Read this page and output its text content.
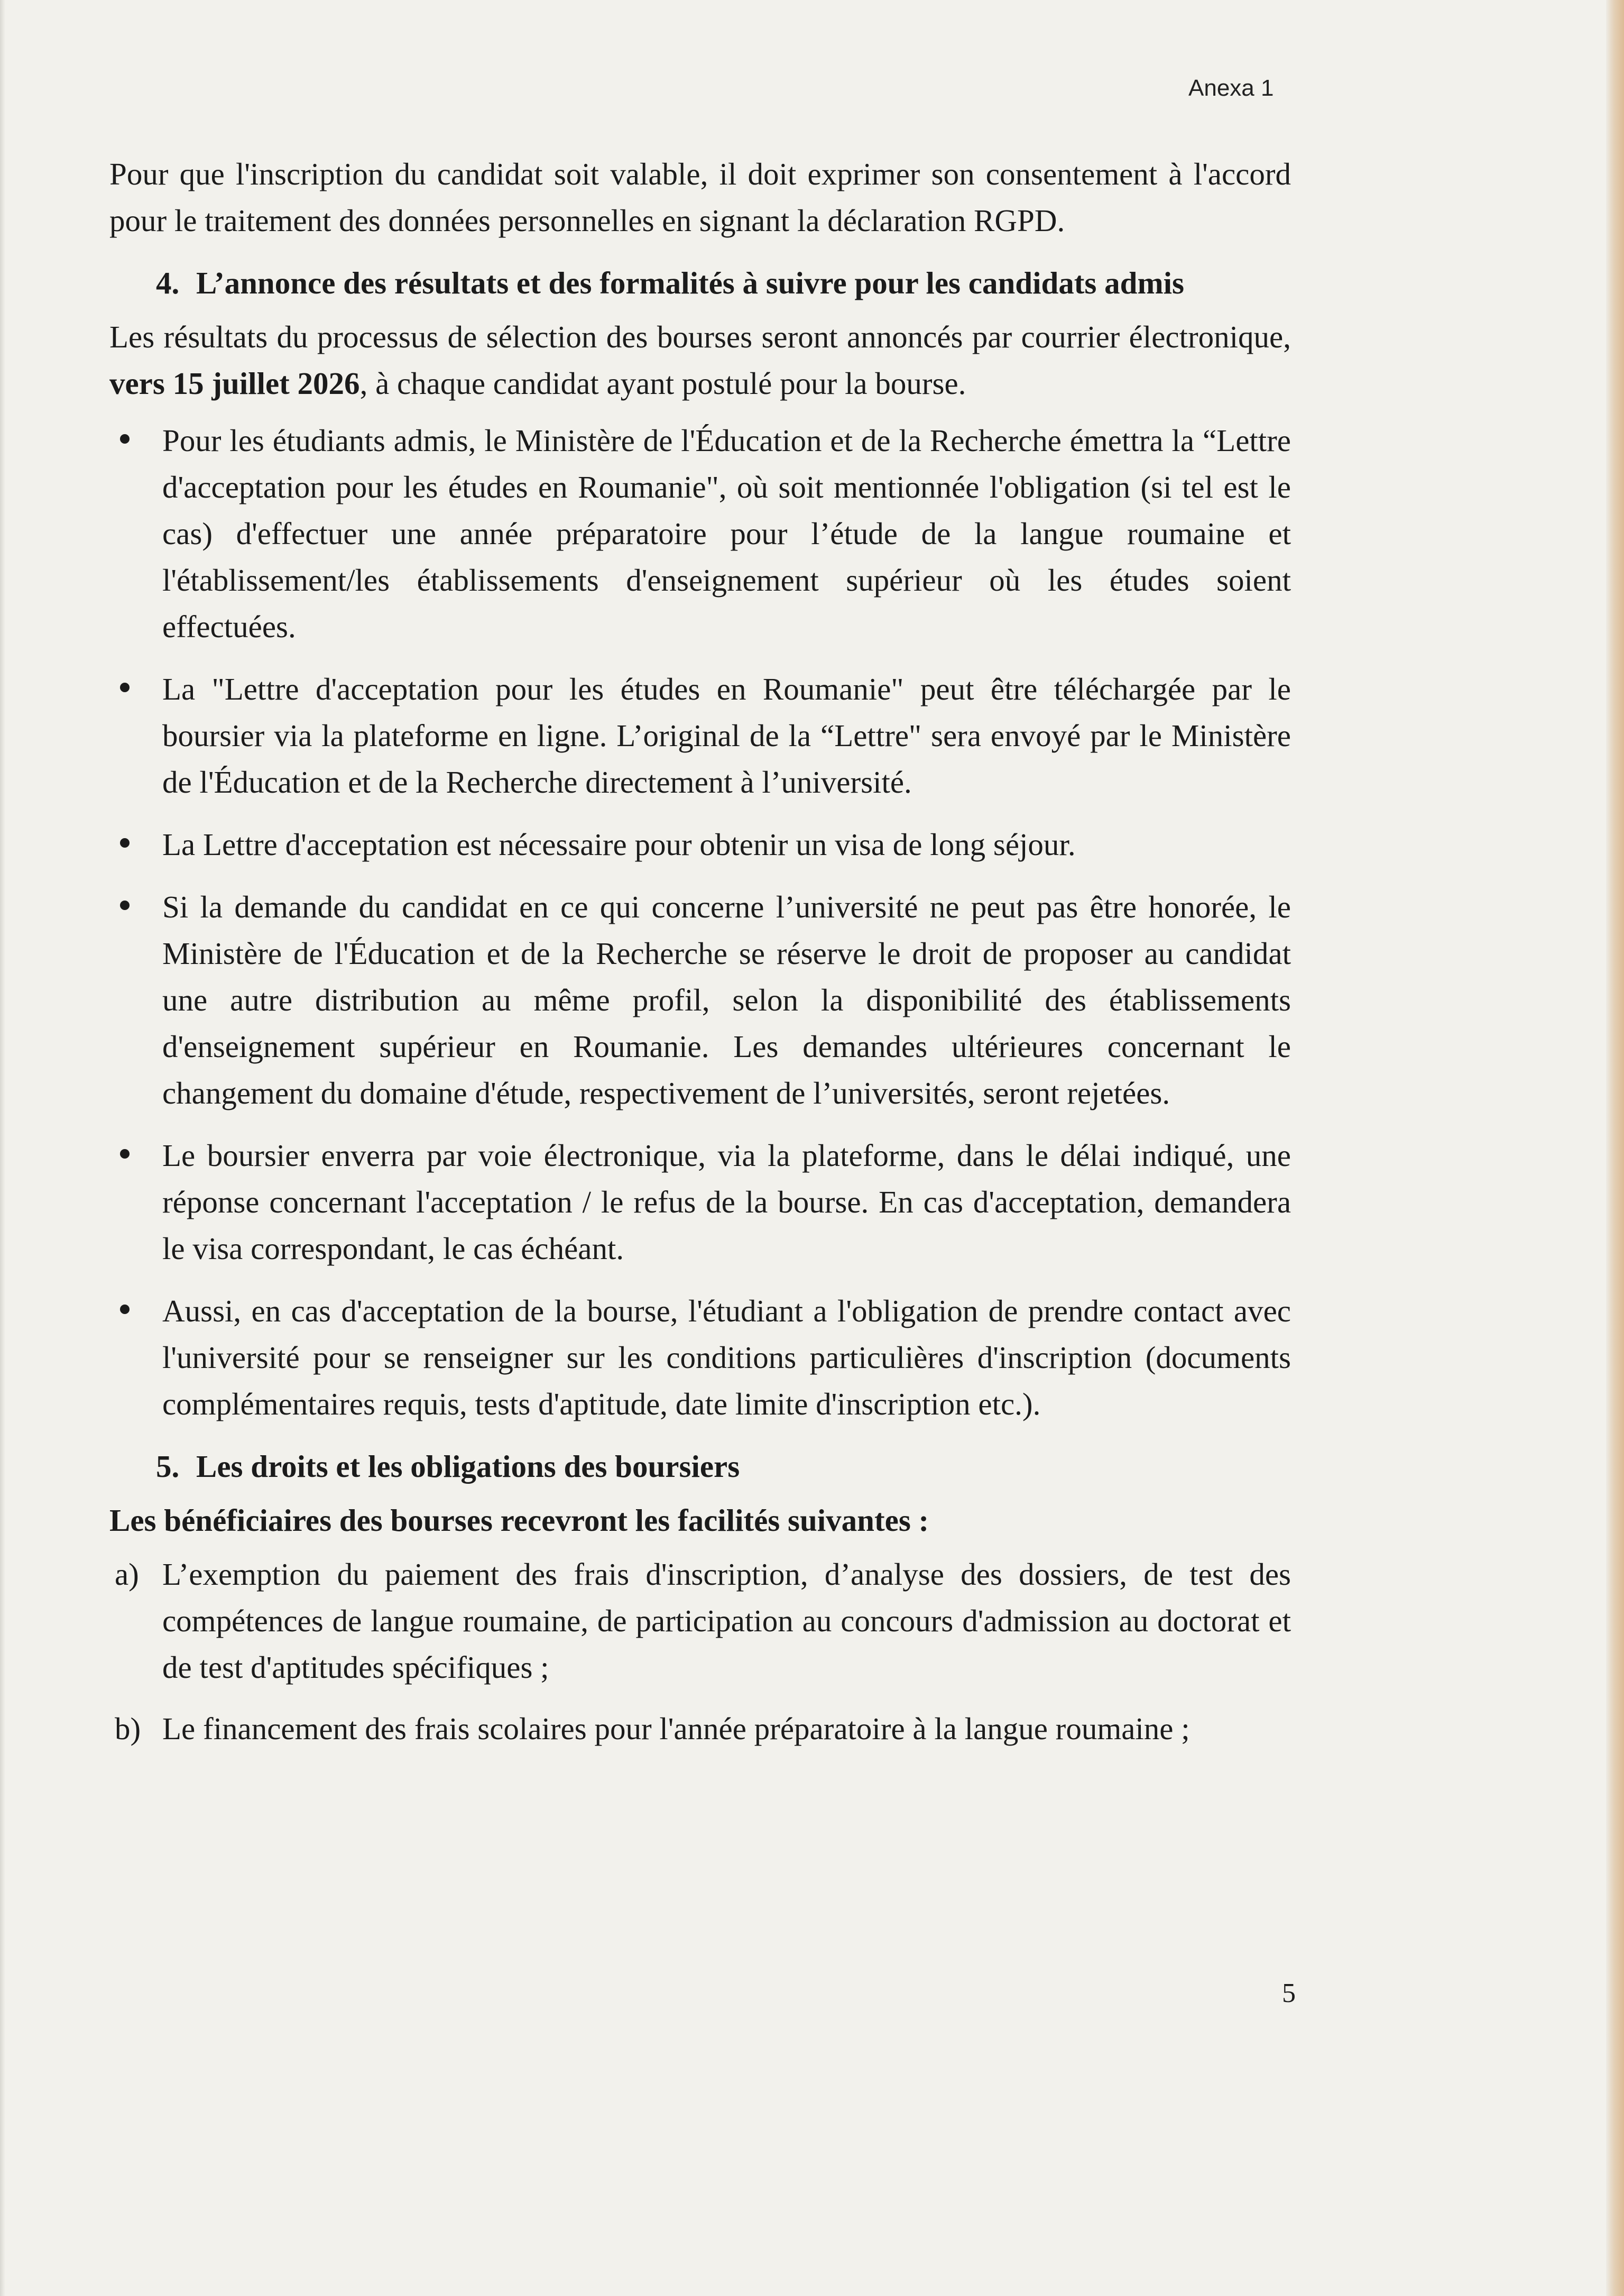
Anexa 1

Pour que l'inscription du candidat soit valable, il doit exprimer son consentement à l'accord pour le traitement des données personnelles en signant la déclaration RGPD.

4. L’annonce des résultats et des formalités à suivre pour les candidats admis

Les résultats du processus de sélection des bourses seront annoncés par courrier électronique, vers 15 juillet 2026, à chaque candidat ayant postulé pour la bourse.

Pour les étudiants admis, le Ministère de l'Éducation et de la Recherche émettra la “Lettre d'acceptation pour les études en Roumanie", où soit mentionnée l'obligation (si tel est le cas) d'effectuer une année préparatoire pour l’étude de la langue roumaine et l'établissement/les établissements d'enseignement supérieur où les études soient effectuées.
La "Lettre d'acceptation pour les études en Roumanie" peut être téléchargée par le boursier via la plateforme en ligne. L’original de la “Lettre" sera envoyé par le Ministère de l'Éducation et de la Recherche directement à l’université.
La Lettre d'acceptation est nécessaire pour obtenir un visa de long séjour.
Si la demande du candidat en ce qui concerne l’université ne peut pas être honorée, le Ministère de l'Éducation et de la Recherche se réserve le droit de proposer au candidat une autre distribution au même profil, selon la disponibilité des établissements d'enseignement supérieur en Roumanie. Les demandes ultérieures concernant le changement du domaine d'étude, respectivement de l’universités, seront rejetées.
Le boursier enverra par voie électronique, via la plateforme, dans le délai indiqué, une réponse concernant l'acceptation / le refus de la bourse. En cas d'acceptation, demandera le visa correspondant, le cas échéant.
Aussi, en cas d'acceptation de la bourse, l'étudiant a l'obligation de prendre contact avec l'université pour se renseigner sur les conditions particulières d'inscription (documents complémentaires requis, tests d'aptitude, date limite d'inscription etc.).
5. Les droits et les obligations des boursiers

Les bénéficiaires des bourses recevront les facilités suivantes :

a) L’exemption du paiement des frais d'inscription, d’analyse des dossiers, de test des compétences de langue roumaine, de participation au concours d'admission au doctorat et de test d'aptitudes spécifiques ;
b) Le financement des frais scolaires pour l'année préparatoire à la langue roumaine ;
5
